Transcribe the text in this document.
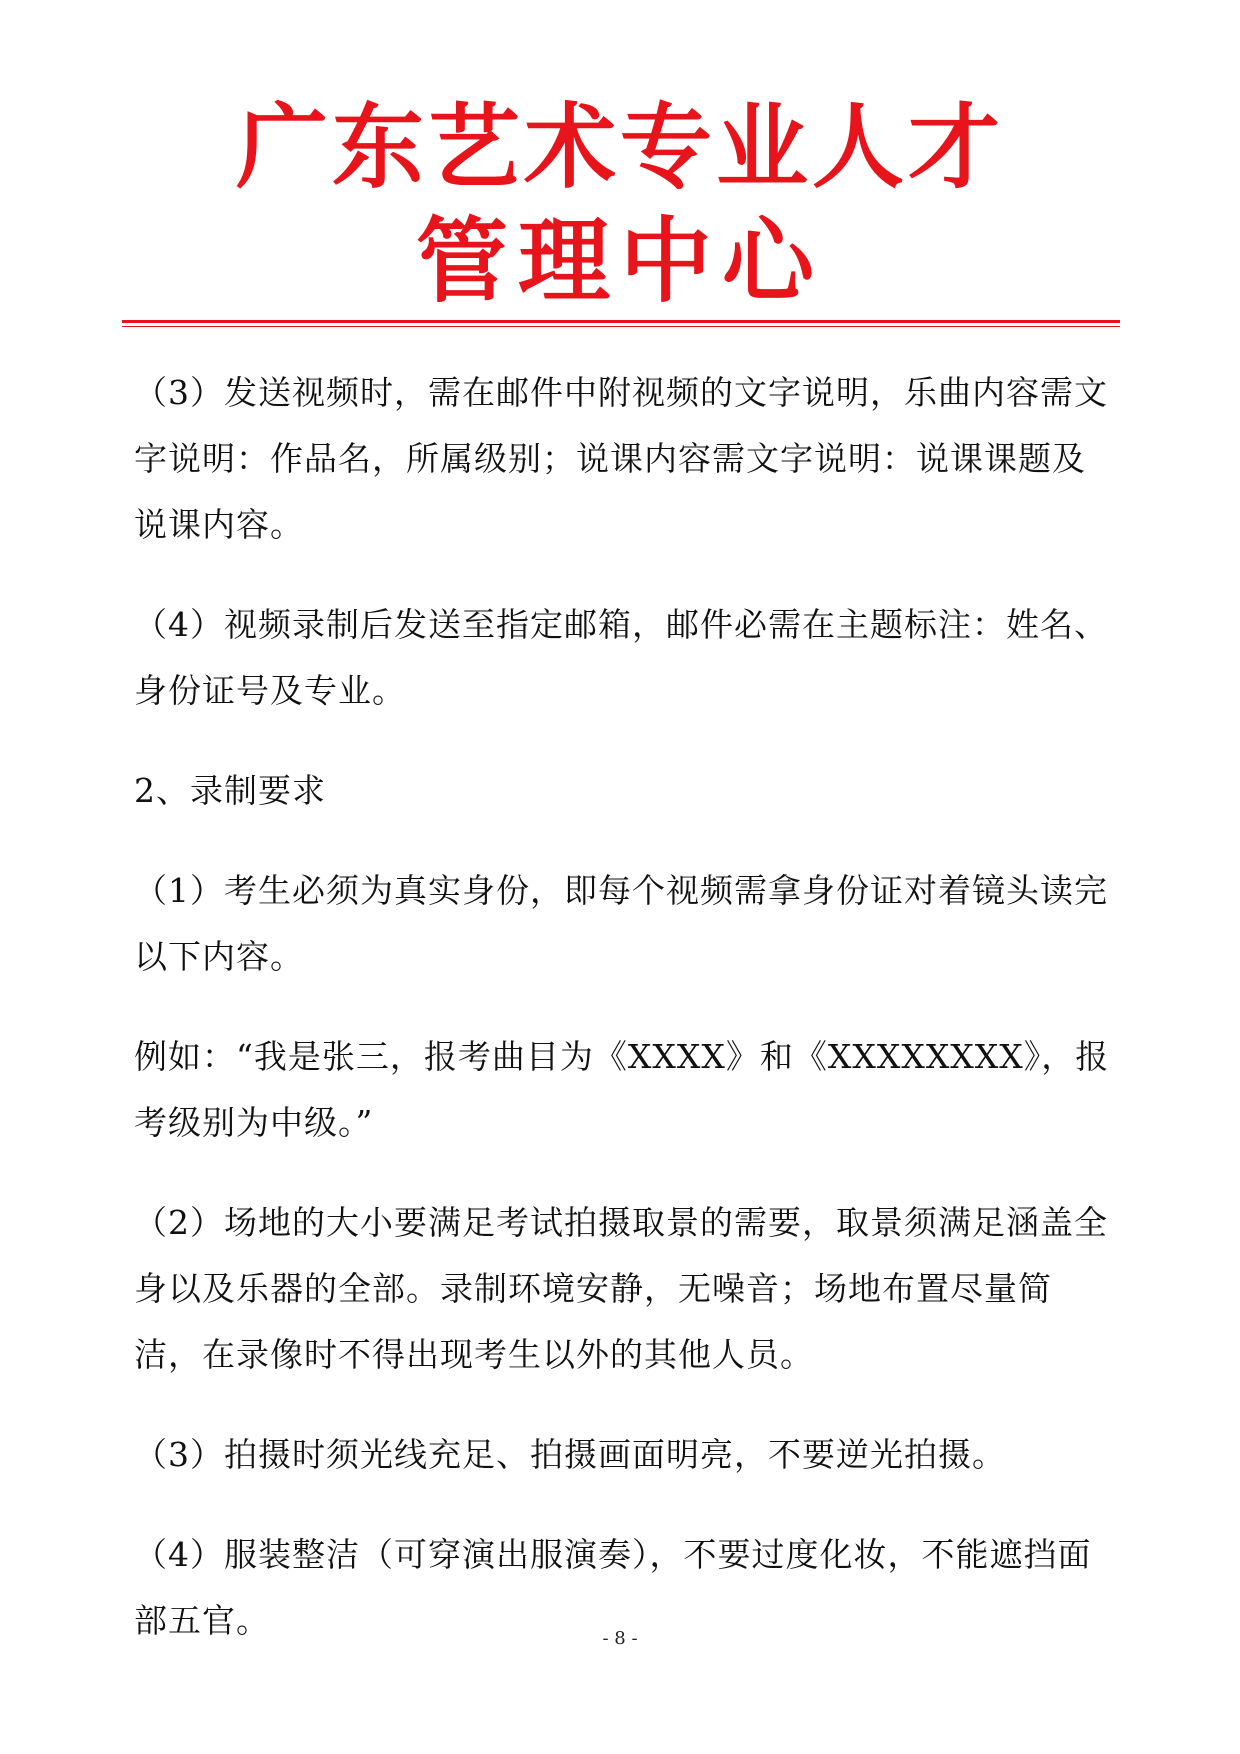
广东艺术专业人才
管理中心

（3）发送视频时，需在邮件中附视频的文字说明，乐曲内容需文字说明：作品名，所属级别；说课内容需文字说明：说课课题及说课内容。

（4）视频录制后发送至指定邮箱，邮件必需在主题标注：姓名、身份证号及专业。

2、录制要求

（1）考生必须为真实身份，即每个视频需拿身份证对着镜头读完以下内容。

例如：“我是张三，报考曲目为《XXXX》和《XXXXXXXX》，报考级别为中级。”

（2）场地的大小要满足考试拍摄取景的需要，取景须满足涵盖全身以及乐器的全部。录制环境安静，无噪音；场地布置尽量简洁，在录像时不得出现考生以外的其他人员。

（3）拍摄时须光线充足、拍摄画面明亮，不要逆光拍摄。

（4）服装整洁（可穿演出服演奏），不要过度化妆，不能遮挡面部五官。	- 8 -
